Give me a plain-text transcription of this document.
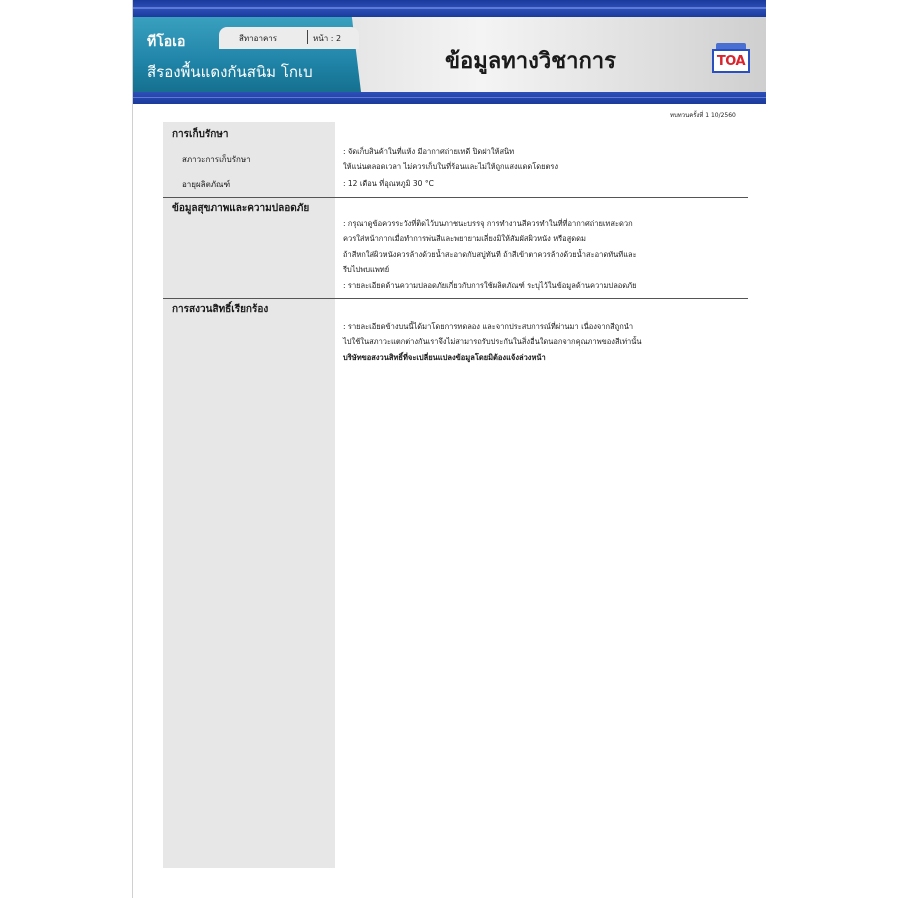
ทีโอเอ
สีรองพื้นแดงกันสนิม โกเบ
สีทาอาคาร	หน้า : 2
ข้อมูลทางวิชาการ	TOA
ทบทวนครั้งที่ 1 10/2560
การเก็บรักษา
สภาวะการเก็บรักษา
: จัดเก็บสินค้าในที่แห้ง มีอากาศถ่ายเทดี ปิดฝาให้สนิท
ให้แน่นตลอดเวลา ไม่ควรเก็บในที่ร้อนและไม่ให้ถูกแสงแดดโดยตรง
อายุผลิตภัณฑ์	: 12 เดือน ที่อุณหภูมิ 30 °C
ข้อมูลสุขภาพและความปลอดภัย
: กรุณาดูข้อควรระวังที่ติดไว้บนภาชนะบรรจุ การทำงานสีควรทำในที่ที่อากาศถ่ายเทสะดวก
ควรใส่หน้ากากเมื่อทำการพ่นสีและพยายามเลี่ยงมิให้สัมผัสผิวหนัง หรือสูดดม
ถ้าสีหกใส่ผิวหนังควรล้างด้วยน้ำสะอาดกับสบู่ทันที ถ้าสีเข้าตาควรล้างด้วยน้ำสะอาดทันทีและ
รีบไปพบแพทย์
: รายละเอียดด้านความปลอดภัยเกี่ยวกับการใช้ผลิตภัณฑ์ ระบุไว้ในข้อมูลด้านความปลอดภัย
การสงวนสิทธิ์เรียกร้อง
: รายละเอียดข้างบนนี้ได้มาโดยการทดลอง และจากประสบการณ์ที่ผ่านมา เนื่องจากสีถูกนำ
ไปใช้ในสภาวะแตกต่างกันเราจึงไม่สามารถรับประกันในสิ่งอื่นใดนอกจากคุณภาพของสีเท่านั้น
บริษัทขอสงวนสิทธิ์ที่จะเปลี่ยนแปลงข้อมูลโดยมิต้องแจ้งล่วงหน้า
